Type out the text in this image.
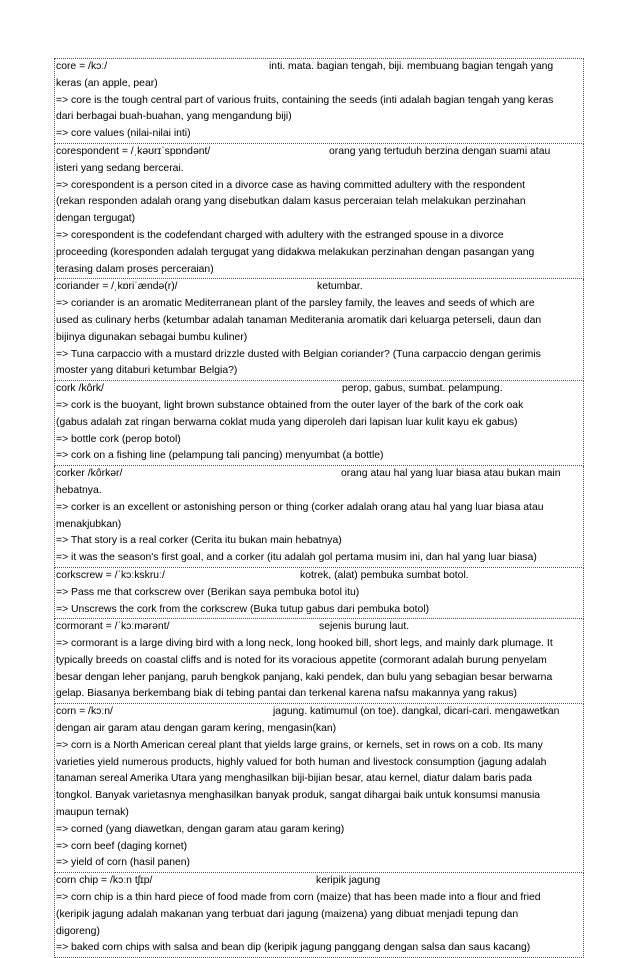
core = /kɔː/	inti. mata. bagian tengah, biji. membuang bagian tengah yang
keras (an apple, pear)
=> core is the tough central part of various fruits, containing the seeds (inti adalah bagian tengah yang keras
dari berbagai buah-buahan, yang mengandung biji)
=> core values (nilai-nilai inti)
corespondent = /ˌkəʊrɪˈspɒndənt/	orang yang tertuduh berzina dengan suami atau
isteri yang sedang bercerai.
=> corespondent is a person cited in a divorce case as having committed adultery with the respondent
(rekan responden adalah orang yang disebutkan dalam kasus perceraian telah melakukan perzinahan
dengan tergugat)
=> corespondent is the codefendant charged with adultery with the estranged spouse in a divorce
proceeding (koresponden adalah tergugat yang didakwa melakukan perzinahan dengan pasangan yang
terasing dalam proses perceraian)
coriander = /ˌkɒriˈændə(r)/	ketumbar.
=> coriander is an aromatic Mediterranean plant of the parsley family, the leaves and seeds of which are
used as culinary herbs (ketumbar adalah tanaman Mediterania aromatik dari keluarga peterseli, daun dan
bijinya digunakan sebagai bumbu kuliner)
=> Tuna carpaccio with a mustard drizzle dusted with Belgian coriander? (Tuna carpaccio dengan gerimis
moster yang ditaburi ketumbar Belgia?)
cork /kôrk/	perop, gabus, sumbat. pelampung.
=> cork is the buoyant, light brown substance obtained from the outer layer of the bark of the cork oak
(gabus adalah zat ringan berwarna coklat muda yang diperoleh dari lapisan luar kulit kayu ek gabus)
=> bottle cork (perop botol)
=> cork on a fishing line (pelampung tali pancing) menyumbat (a bottle)
corker /kôrkər/	orang atau hal yang luar biasa atau bukan main
hebatnya.
=> corker is an excellent or astonishing person or thing (corker adalah orang atau hal yang luar biasa atau
menakjubkan)
=> That story is a real corker (Cerita itu bukan main hebatnya)
=> it was the season's first goal, and a corker (itu adalah gol pertama musim ini, dan hal yang luar biasa)
corkscrew = /ˈkɔːkskruː/	kotrek, (alat) pembuka sumbat botol.
=> Pass me that corkscrew over (Berikan saya pembuka botol itu)
=> Unscrews the cork from the corkscrew (Buka tutup gabus dari pembuka botol)
cormorant = /ˈkɔːmərənt/	sejenis burung laut.
=> cormorant is a large diving bird with a long neck, long hooked bill, short legs, and mainly dark plumage. It
typically breeds on coastal cliffs and is noted for its voracious appetite (cormorant adalah burung penyelam
besar dengan leher panjang, paruh bengkok panjang, kaki pendek, dan bulu yang sebagian besar berwarna
gelap. Biasanya berkembang biak di tebing pantai dan terkenal karena nafsu makannya yang rakus)
corn = /kɔːn/	jagung. katimumul (on toe). dangkal, dicari-cari. mengawetkan
dengan air garam atau dengan garam kering, mengasin(kan)
=> corn is a North American cereal plant that yields large grains, or kernels, set in rows on a cob. Its many
varieties yield numerous products, highly valued for both human and livestock consumption (jagung adalah
tanaman sereal Amerika Utara yang menghasilkan biji-bijian besar, atau kernel, diatur dalam baris pada
tongkol. Banyak varietasnya menghasilkan banyak produk, sangat dihargai baik untuk konsumsi manusia
maupun ternak)
=> corned (yang diawetkan, dengan garam atau garam kering)
=> corn beef (daging kornet)
=> yield of corn (hasil panen)
corn chip = /kɔːn tʃɪp/	keripik jagung
=> corn chip is a thin hard piece of food made from corn (maize) that has been made into a flour and fried
(keripik jagung adalah makanan yang terbuat dari jagung (maizena) yang dibuat menjadi tepung dan
digoreng)
=> baked corn chips with salsa and bean dip (keripik jagung panggang dengan salsa dan saus kacang)
